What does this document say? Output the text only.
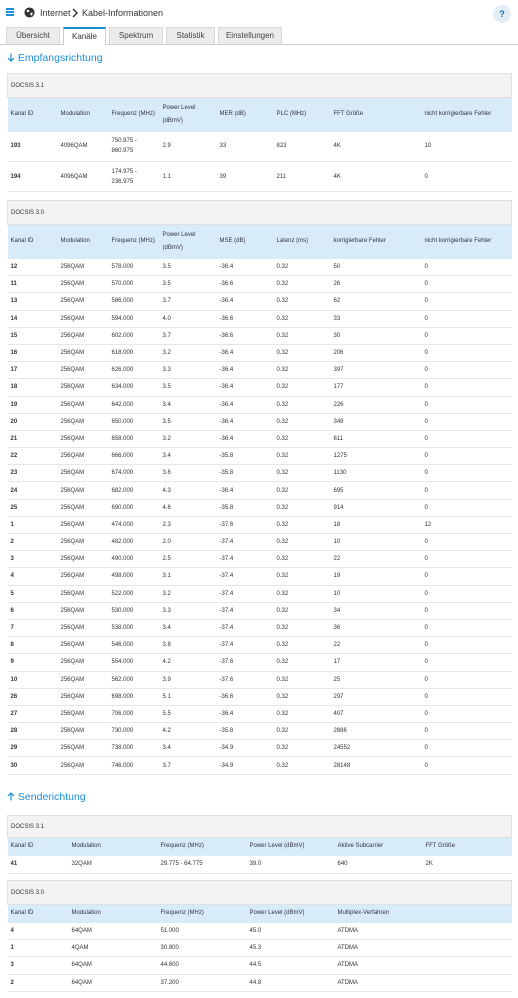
Internet Kabel-Informationen	?
Übersicht	Kanäle	Spektrum	Statistik	Einstellungen
Empfangsrichtung
DOCSIS 3.1							
Kanal ID	Modulation	Frequenz (MHz)	Power Level (dBmV)	MER (dB)	PLC (MHz)	FFT Größe	nicht korrigierbare Fehler
193	4096QAM	750.975 - 860.975	2.9	33	823	4K	10
194	4096QAM	174.975 - 236.975	1.1	39	211	4K	0
DOCSIS 3.0							
Kanal ID	Modulation	Frequenz (MHz)	Power Level (dBmV)	MSE (dB)	Latenz (ms)	korrigierbare Fehler	nicht korrigierbare Fehler
12	256QAM	578.000	3.5	-36.4	0.32	50	0
11	256QAM	570.000	3.5	-36.6	0.32	26	0
13	256QAM	586.000	3.7	-36.4	0.32	62	0
14	256QAM	594.000	4.0	-36.6	0.32	33	0
15	256QAM	602.000	3.7	-36.6	0.32	30	0
16	256QAM	618.000	3.2	-36.4	0.32	206	0
17	256QAM	626.000	3.3	-36.4	0.32	397	0
18	256QAM	634.000	3.5	-36.4	0.32	177	0
19	256QAM	642.000	3.4	-36.4	0.32	226	0
20	256QAM	650.000	3.5	-36.4	0.32	349	0
21	256QAM	658.000	3.2	-36.4	0.32	611	0
22	256QAM	666.000	3.4	-35.8	0.32	1275	0
23	256QAM	674.000	3.6	-35.8	0.32	1130	0
24	256QAM	682.000	4.3	-36.4	0.32	695	0
25	256QAM	690.000	4.6	-35.8	0.32	914	0
1	256QAM	474.000	2.3	-37.6	0.32	18	12
2	256QAM	482.000	2.0	-37.4	0.32	10	0
3	256QAM	490.000	2.5	-37.4	0.32	22	0
4	256QAM	498.000	3.1	-37.4	0.32	19	0
5	256QAM	522.000	3.2	-37.4	0.32	10	0
6	256QAM	530.000	3.3	-37.4	0.32	34	0
7	256QAM	538.000	3.4	-37.4	0.32	36	0
8	256QAM	546.000	3.8	-37.4	0.32	22	0
9	256QAM	554.000	4.2	-37.6	0.32	17	0
10	256QAM	562.000	3.9	-37.6	0.32	25	0
26	256QAM	698.000	5.1	-36.6	0.32	297	0
27	256QAM	706.000	5.5	-36.4	0.32	407	0
28	256QAM	730.000	4.2	-35.8	0.32	2886	0
29	256QAM	738.000	3.4	-34.9	0.32	24552	0
30	256QAM	746.000	3.7	-34.9	0.32	28148	0
Senderichtung
DOCSIS 3.1					
Kanal ID	Modulation	Frequenz (MHz)	Power Level (dBmV)	Aktive Subcarrier	FFT Größe
41	32QAM	29.775 - 64.775	39.0	640	2K
DOCSIS 3.0				
Kanal ID	Modulation	Frequenz (MHz)	Power Level (dBmV)	Multiplex-Verfahren
4	64QAM	51.000	45.0	ATDMA
1	4QAM	30.800	45.3	ATDMA
3	64QAM	44.600	44.5	ATDMA
2	64QAM	37.200	44.8	ATDMA
